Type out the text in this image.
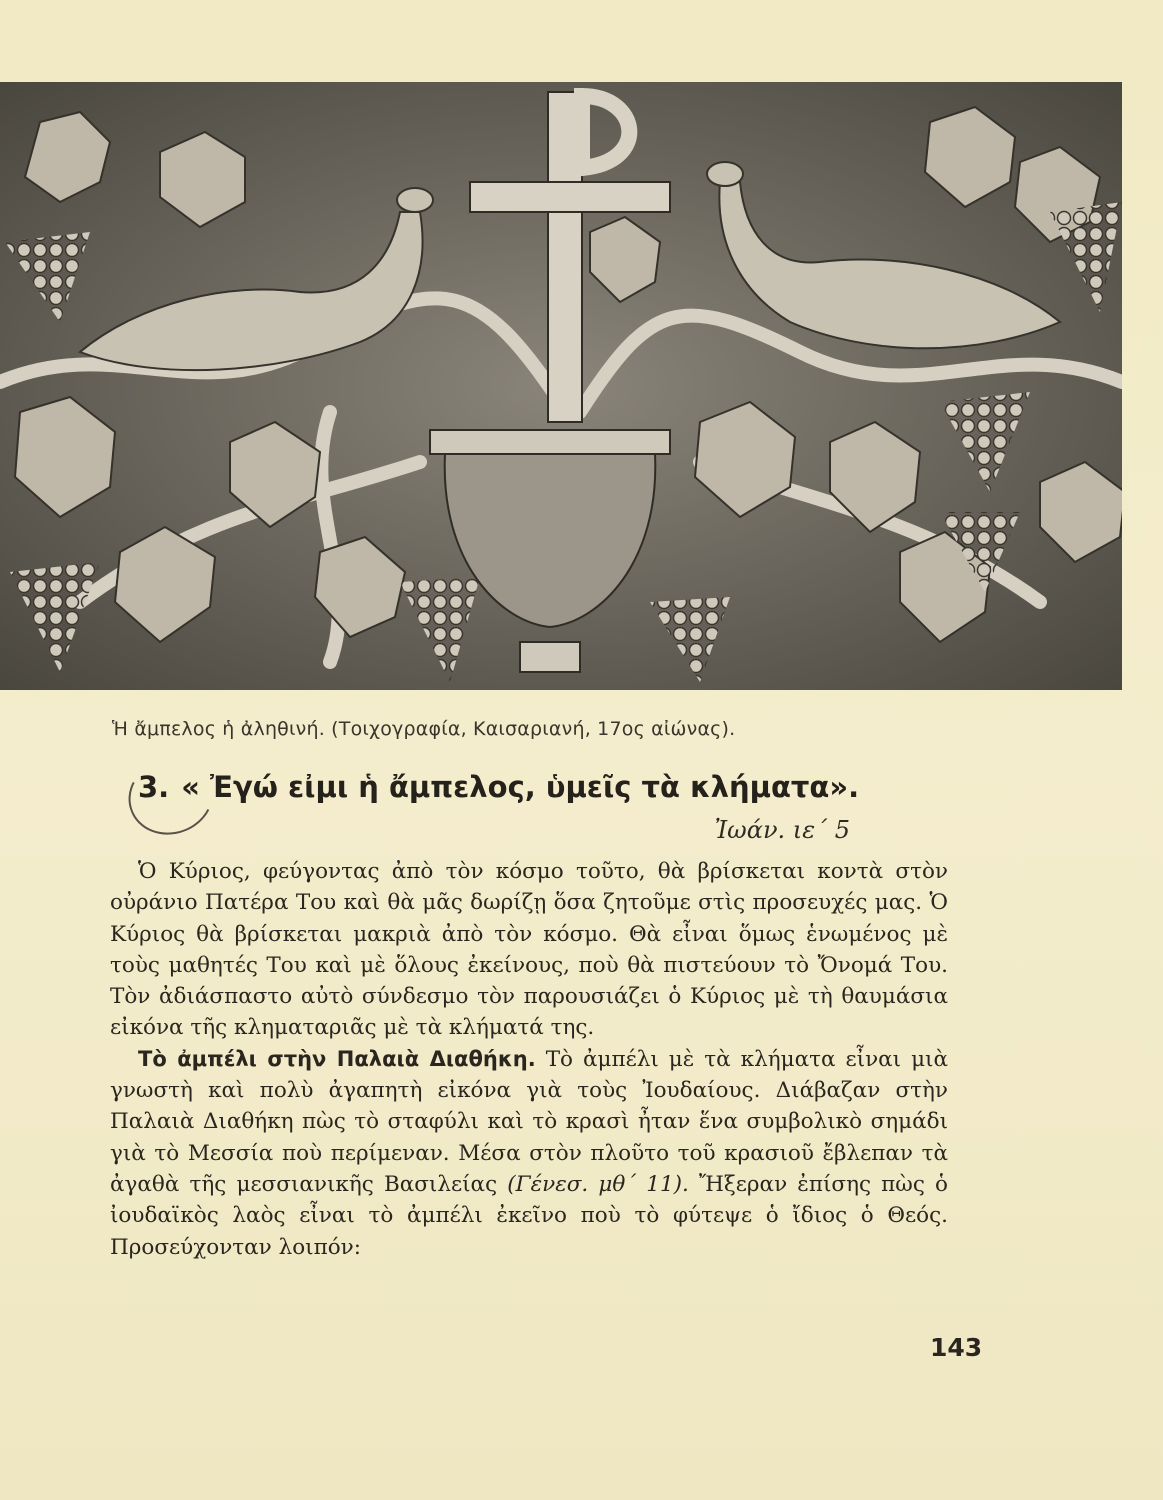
Ἡ ἄμπελος ἡ ἀληθινή. (Τοιχογραφία, Καισαριανή, 17ος αἰώνας).
3. « Ἐγώ εἰμι ἡ ἄμπελος, ὑμεῖς τὰ κλήματα».
Ἰωάν. ιε΄ 5

Ὁ Κύριος, φεύγοντας ἀπὸ τὸν κόσμο τοῦτο, θὰ βρίσκεται κοντὰ στὸν οὐράνιο Πατέρα Του καὶ θὰ μᾶς δωρίζῃ ὅσα ζητοῦμε στὶς προσευχές μας. Ὁ Κύριος θὰ βρίσκεται μακριὰ ἀπὸ τὸν κόσμο. Θὰ εἶναι ὅμως ἑνωμένος μὲ τοὺς μαθητές Του καὶ μὲ ὅλους ἐκείνους, ποὺ θὰ πιστεύουν τὸ Ὄνομά Του. Τὸν ἀδιάσπαστο αὐτὸ σύνδεσμο τὸν παρουσιάζει ὁ Κύριος μὲ τὴ θαυμάσια εἰκόνα τῆς κληματαριᾶς μὲ τὰ κλήματά της.

Τὸ ἀμπέλι στὴν Παλαιὰ Διαθήκη. Τὸ ἀμπέλι μὲ τὰ κλήματα εἶναι μιὰ γνωστὴ καὶ πολὺ ἀγαπητὴ εἰκόνα γιὰ τοὺς Ἰουδαίους. Διάβαζαν στὴν Παλαιὰ Διαθήκη πὼς τὸ σταφύλι καὶ τὸ κρασὶ ἦταν ἕνα συμβολικὸ σημάδι γιὰ τὸ Μεσσία ποὺ περίμεναν. Μέσα στὸν πλοῦτο τοῦ κρασιοῦ ἔβλεπαν τὰ ἀγαθὰ τῆς μεσσιανικῆς Βασιλείας (Γένεσ. μθ΄ 11). Ἤξεραν ἐπίσης πὼς ὁ ἰουδαϊκὸς λαὸς εἶναι τὸ ἀμπέλι ἐκεῖνο ποὺ τὸ φύτεψε ὁ ἴδιος ὁ Θεός. Προσεύχονταν λοιπόν:

143
